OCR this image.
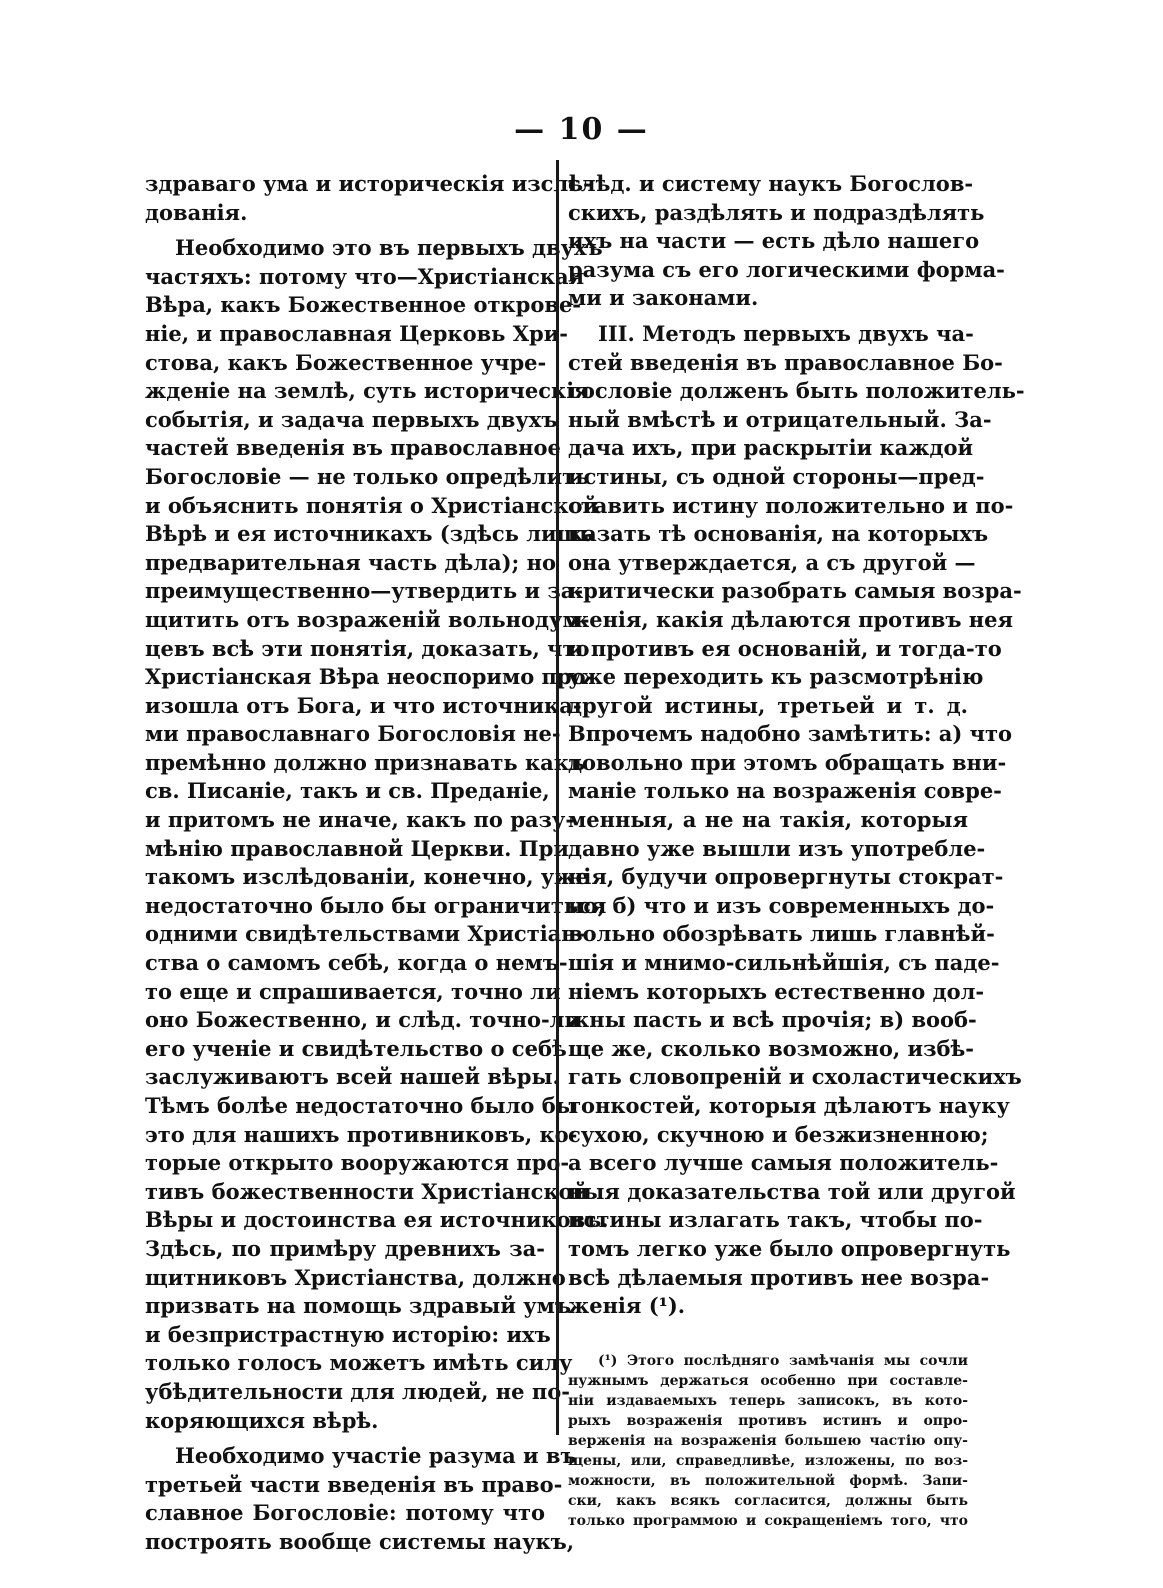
— 10 —
здраваго ума и историческія изслѣ-
дованія.
Необходимо это въ первыхъ двухъ
частяхъ: потому что—Христіанская
Вѣра, какъ Божественное открове-
ніе, и православная Церковь Хри-
стова, какъ Божественное учре-
жденіе на землѣ, суть историческія
событія, и задача первыхъ двухъ
частей введенія въ православное
Богословіе — не только опредѣлить
и объяснить понятія о Христіанской
Вѣрѣ и ея источникахъ (здѣсь лишь
предварительная часть дѣла); но
преимущественно—утвердить и за-
щитить отъ возраженій вольнодум-
цевъ всѣ эти понятія, доказать, что
Христіанская Вѣра неоспоримо про-
изошла отъ Бога, и что источника-
ми православнаго Богословія не-
премѣнно должно признавать какъ
св. Писаніе, такъ и св. Преданіе,
и притомъ не иначе, какъ по разу-
мѣнію православной Церкви. При
такомъ изслѣдованіи, конечно, уже
недостаточно было бы ограничиться
одними свидѣтельствами Христіан-
ства о самомъ себѣ, когда о немъ-
то еще и спрашивается, точно ли
оно Божественно, и слѣд. точно-ли
его ученіе и свидѣтельство о себѣ
заслуживаютъ всей нашей вѣры.
Тѣмъ болѣе недостаточно было бы
это для нашихъ противниковъ, ко-
торые открыто вооружаются про-
тивъ божественности Христіанской
Вѣры и достоинства ея источниковъ.
Здѣсь, по примѣру древнихъ за-
щитниковъ Христіанства, должно
призвать на помощь здравый умъ
и безпристрастную исторію: ихъ
только голосъ можетъ имѣть силу
убѣдительности для людей, не по-
коряющихся вѣрѣ.
Необходимо участіе разума и въ
третьей части введенія въ право-
славное Богословіе: потому что
построять вообще системы наукъ,
слѣд. и систему наукъ Богослов-
скихъ, раздѣлять и подраздѣлять
ихъ на части — есть дѣло нашего
разума съ его логическими форма-
ми и законами.
III. Методъ первыхъ двухъ ча-
стей введенія въ православное Бо-
гословіе долженъ быть положитель-
ный вмѣстѣ и отрицательный. За-
дача ихъ, при раскрытіи каждой
истины, съ одной стороны—пред-
ставить истину положительно и по-
казать тѣ основанія, на которыхъ
она утверждается, а съ другой —
критически разобрать самыя возра-
женія, какія дѣлаются противъ нея
и противъ ея основаній, и тогда-то
уже переходить къ разсмотрѣнію
другой истины, третьей и т. д.
Впрочемъ надобно замѣтить: а) что
довольно при этомъ обращать вни-
маніе только на возраженія совре-
менныя, а не на такія, которыя
давно уже вышли изъ употребле-
нія, будучи опровергнуты стократ-
но; б) что и изъ современныхъ до-
вольно обозрѣвать лишь главнѣй-
шія и мнимо-сильнѣйшія, съ паде-
ніемъ которыхъ естественно дол-
жны пасть и всѣ прочія; в) вооб-
ще же, сколько возможно, избѣ-
гать словопреній и схоластическихъ
тонкостей, которыя дѣлаютъ науку
сухою, скучною и безжизненною;
а всего лучше самыя положитель-
ныя доказательства той или другой
истины излагать такъ, чтобы по-
томъ легко уже было опровергнуть
всѣ дѣлаемыя противъ нее возра-
женія (¹).
(¹) Этого послѣдняго замѣчанія мы сочли
нужнымъ держаться особенно при составле-
ніи издаваемыхъ теперь записокъ, въ кото-
рыхъ возраженія противъ истинъ и опро-
верженія на возраженія большею частію опу-
щены, или, справедливѣе, изложены, по воз-
можности, въ положительной формѣ. Запи-
ски, какъ всякъ согласится, должны быть
только программою и сокращеніемъ того, что
